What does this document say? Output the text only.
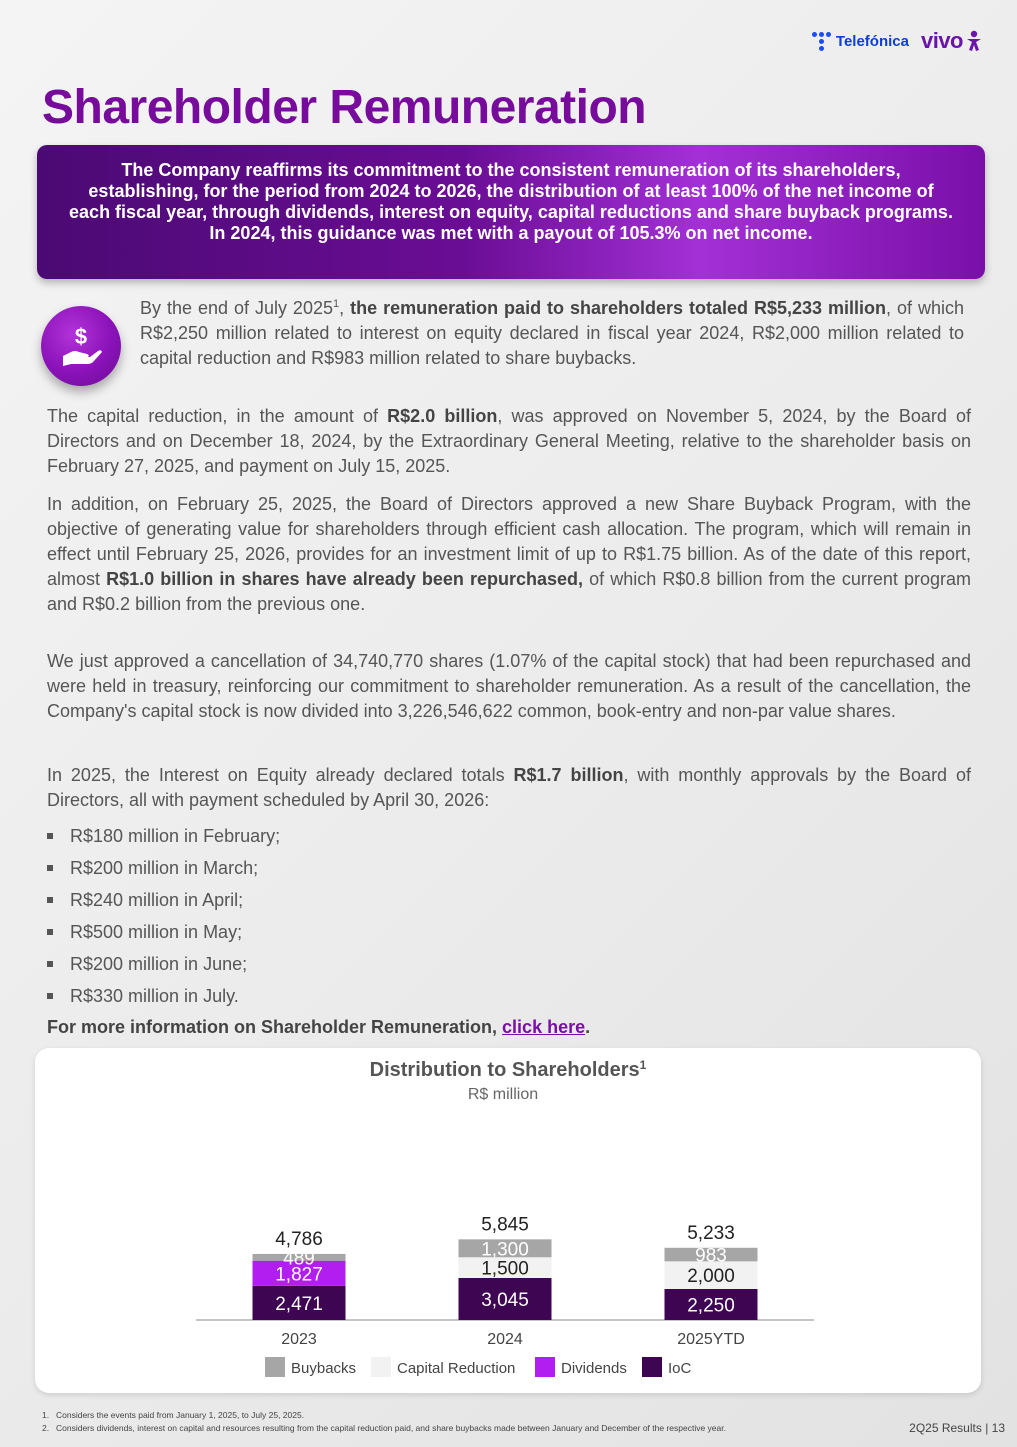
Telefónica vivo
Shareholder Remuneration
The Company reaffirms its commitment to the consistent remuneration of its shareholders, establishing, for the period from 2024 to 2026, the distribution of at least 100% of the net income of each fiscal year, through dividends, interest on equity, capital reductions and share buyback programs. In 2024, this guidance was met with a payout of 105.3% on net income.
$

By the end of July 2025$^1$, the remuneration paid to shareholders totaled R$5,233 million, of which R$2,250 million related to interest on equity declared in fiscal year 2024, R$2,000 million related to capital reduction and R$983 million related to share buybacks.

The capital reduction, in the amount of R$2.0 billion, was approved on November 5, 2024, by the Board of Directors and on December 18, 2024, by the Extraordinary General Meeting, relative to the shareholder basis on February 27, 2025, and payment on July 15, 2025.

In addition, on February 25, 2025, the Board of Directors approved a new Share Buyback Program, with the objective of generating value for shareholders through efficient cash allocation. The program, which will remain in effect until February 25, 2026, provides for an investment limit of up to R$1.75 billion. As of the date of this report, almost R$1.0 billion in shares have already been repurchased, of which R$0.8 billion from the current program and R$0.2 billion from the previous one.

We just approved a cancellation of 34,740,770 shares (1.07% of the capital stock) that had been repurchased and were held in treasury, reinforcing our commitment to shareholder remuneration. As a result of the cancellation, the Company's capital stock is now divided into 3,226,546,622 common, book-entry and non-par value shares.

In 2025, the Interest on Equity already declared totals R$1.7 billion, with monthly approvals by the Board of Directors, all with payment scheduled by April 30, 2026:

R$180 million in February;
R$200 million in March;
R$240 million in April;
R$500 million in May;
R$200 million in June;
R$330 million in July.

For more information on Shareholder Remuneration, click here.

Distribution to Shareholders$^1$
R$ million
2,471
1,827
489
4,786
2023
3,045
1,500
1,300
5,845
2024
2,250
2,000
983
5,233
2025YTD
Buybacks	Capital Reduction	Dividends	IoC
1. Considers the events paid from January 1, 2025, to July 25, 2025.
2. Considers dividends, interest on capital and resources resulting from the capital reduction paid, and share buybacks made between January and December of the respective year.	2Q25 Results | 13
